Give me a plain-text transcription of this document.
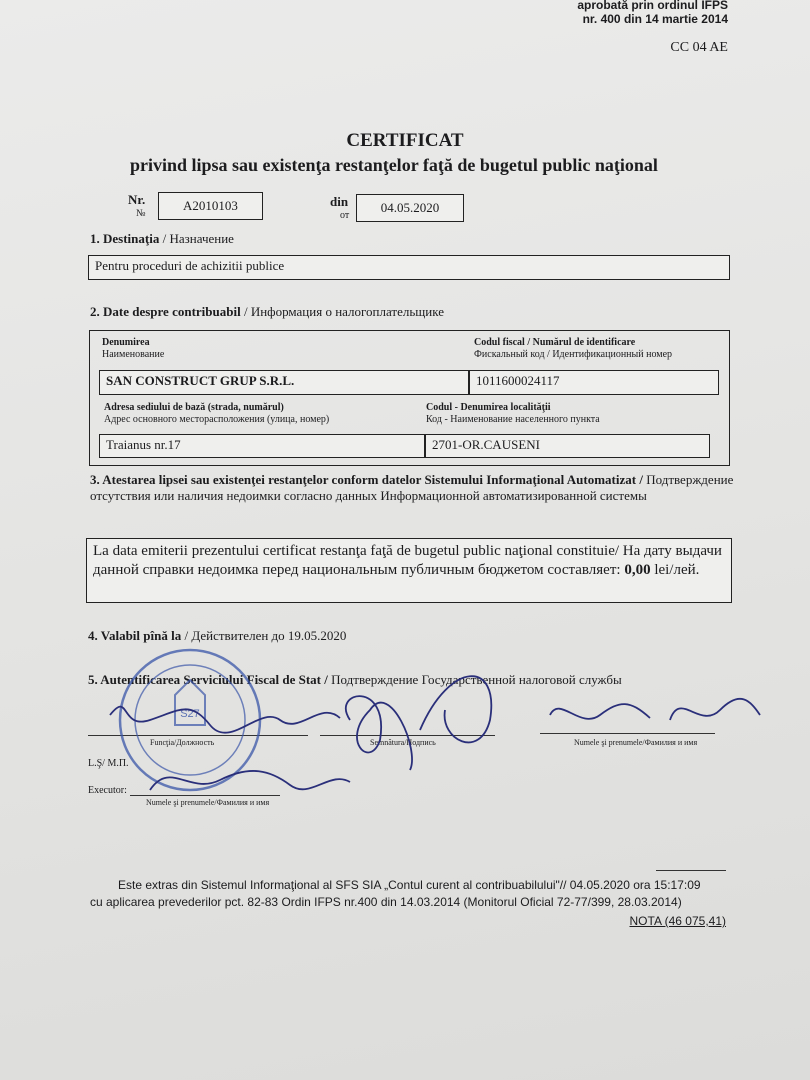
aprobată prin ordinul IFPS
nr. 400 din 14 martie 2014
CC 04 AE
CERTIFICAT
privind lipsa sau existenţa restanţelor faţă de bugetul public naţional
Nr.
№
A2010103	din
от
04.05.2020
1. Destinaţia / Назначение
Pentru proceduri de achizitii publice
2. Date despre contribuabil / Информация о налогоплательщике
Denumirea
Наименование
Codul fiscal / Numărul de identificare
Фискальный код / Идентификационный номер
SAN CONSTRUCT GRUP S.R.L.	1011600024117
Adresa sediului de bază (strada, numărul)
Адрес основного месторасположения (улица, номер)
Codul - Denumirea localităţii
Код - Наименование населенного пункта
Traianus nr.17	2701-OR.CAUSENI
3. Atestarea lipsei sau existenţei restanţelor conform datelor Sistemului Informaţional Automatizat / Подтверждение отсутствия или наличия недоимки согласно данных Информационной автоматизированной системы
La data emiterii prezentului certificat restanţa faţă de bugetul public naţional constituie/ На дату выдачи данной справки недоимка перед национальным публичным бюджетом составляет: 0,00 lei/лей.
4. Valabil pînă la / Действителен до 19.05.2020
5. Autentificarea Serviciului Fiscal de Stat / Подтверждение Государственной налоговой службы
Funcţia/Должность	Semnătura/Подпись	Numele şi prenumele/Фамилия и имя
L.Ş/ М.П.
Executor:
Numele şi prenumele/Фамилия и имя
S27
Este extras din Sistemul Informaţional al SFS SIA „Contul curent al contribuabilului"// 04.05.2020 ora 15:17:09
cu aplicarea prevederilor pct. 82-83 Ordin IFPS nr.400 din 14.03.2014 (Monitorul Oficial 72-77/399, 28.03.2014)
NOTA (46 075,41)
